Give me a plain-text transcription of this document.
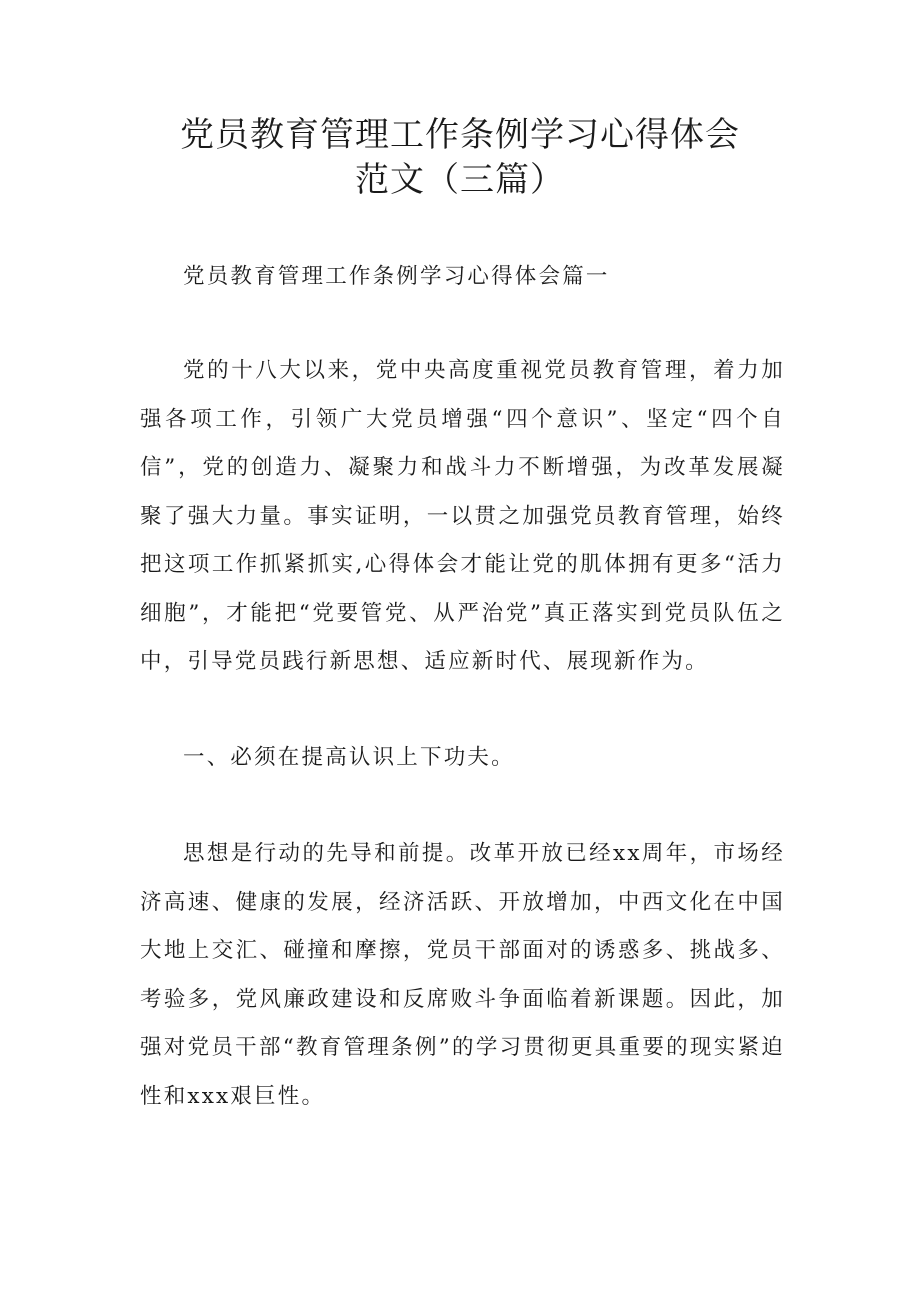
党员教育管理工作条例学习心得体会
范文（三篇）

党员教育管理工作条例学习心得体会篇一

党的十八大以来，党中央高度重视党员教育管理，着力加强各项工作，引领广大党员增强“四个意识”、坚定“四个自信”，党的创造力、凝聚力和战斗力不断增强，为改革发展凝聚了强大力量。事实证明，一以贯之加强党员教育管理，始终把这项工作抓紧抓实,心得体会才能让党的肌体拥有更多“活力细胞”，才能把“党要管党、从严治党”真正落实到党员队伍之中，引导党员践行新思想、适应新时代、展现新作为。

一、必须在提高认识上下功夫。

思想是行动的先导和前提。改革开放已经xx周年，市场经济高速、健康的发展，经济活跃、开放增加，中西文化在中国大地上交汇、碰撞和摩擦，党员干部面对的诱惑多、挑战多、考验多，党风廉政建设和反席败斗争面临着新课题。因此，加强对党员干部“教育管理条例”的学习贯彻更具重要的现实紧迫性和xxx艰巨性。
